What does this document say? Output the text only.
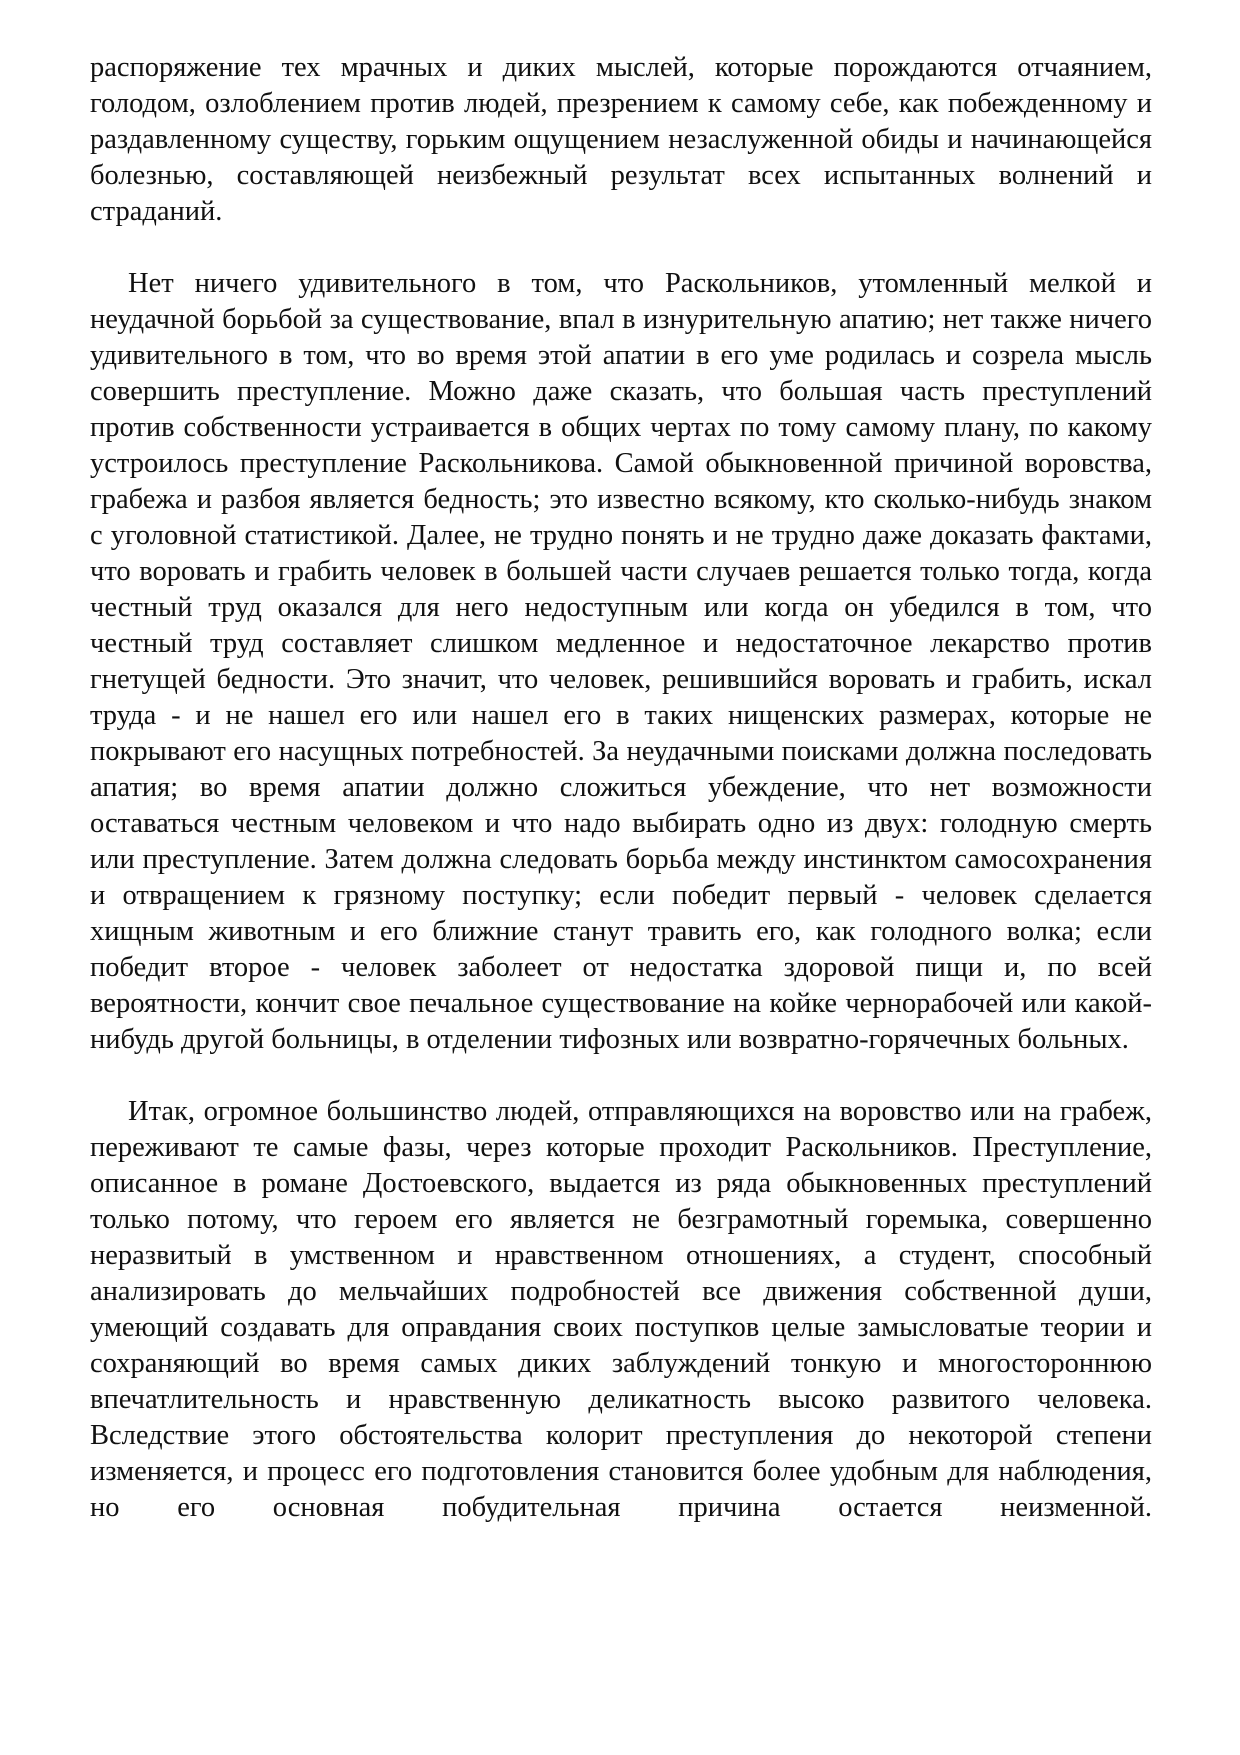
распоряжение тех мрачных и диких мыслей, которые порождаются отчаянием, голодом, озлоблением против людей, презрением к самому себе, как побежденному и раздавленному существу, горьким ощущением незаслуженной обиды и начинающейся болезнью, составляющей неизбежный результат всех испытанных волнений и страданий.

Нет ничего удивительного в том, что Раскольников, утомленный мелкой и неудачной борьбой за существование, впал в изнурительную апатию; нет также ничего удивительного в том, что во время этой апатии в его уме родилась и созрела мысль совершить преступление. Можно даже сказать, что большая часть преступлений против собственности устраивается в общих чертах по тому самому плану, по какому устроилось преступление Раскольникова. Самой обыкновенной причиной воровства, грабежа и разбоя является бедность; это известно всякому, кто сколько-нибудь знаком с уголовной статистикой. Далее, не трудно понять и не трудно даже доказать фактами, что воровать и грабить человек в большей части случаев решается только тогда, когда честный труд оказался для него недоступным или когда он убедился в том, что честный труд составляет слишком медленное и недостаточное лекарство против гнетущей бедности. Это значит, что человек, решившийся воровать и грабить, искал труда - и не нашел его или нашел его в таких нищенских размерах, которые не покрывают его насущных потребностей. За неудачными поисками должна последовать апатия; во время апатии должно сложиться убеждение, что нет возможности оставаться честным человеком и что надо выбирать одно из двух: голодную смерть или преступление. Затем должна следовать борьба между инстинктом самосохранения и отвращением к грязному поступку; если победит первый - человек сделается хищным животным и его ближние станут травить его, как голодного волка; если победит второе - человек заболеет от недостатка здоровой пищи и, по всей вероятности, кончит свое печальное существование на койке чернорабочей или какой-нибудь другой больницы, в отделении тифозных или возвратно-горячечных больных.

Итак, огромное большинство людей, отправляющихся на воровство или на грабеж, переживают те самые фазы, через которые проходит Раскольников. Преступление, описанное в романе Достоевского, выдается из ряда обыкновенных преступлений только потому, что героем его является не безграмотный горемыка, совершенно неразвитый в умственном и нравственном отношениях, а студент, способный анализировать до мельчайших подробностей все движения собственной души, умеющий создавать для оправдания своих поступков целые замысловатые теории и сохраняющий во время самых диких заблуждений тонкую и многостороннюю впечатлительность и нравственную деликатность высоко развитого человека. Вследствие этого обстоятельства колорит преступления до некоторой степени изменяется, и процесс его подготовления становится более удобным для наблюдения, но его основная побудительная причина остается неизменной.
